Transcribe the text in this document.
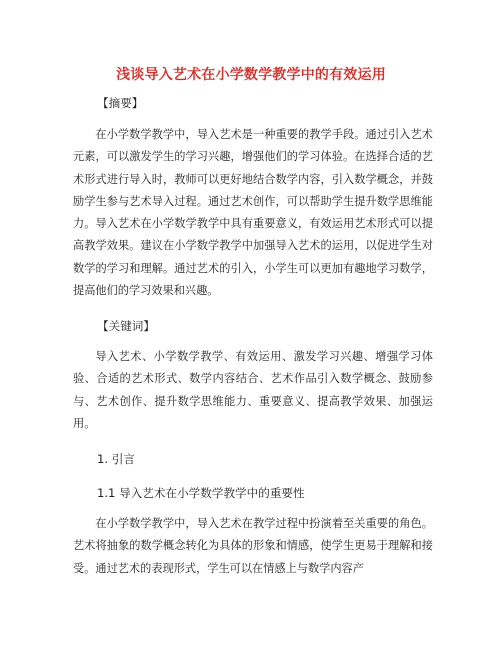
浅谈导入艺术在小学数学教学中的有效运用
【摘要】

在小学数学教学中，导入艺术是一种重要的教学手段。通过引入艺术元素，可以激发学生的学习兴趣，增强他们的学习体验。在选择合适的艺术形式进行导入时，教师可以更好地结合数学内容，引入数学概念，并鼓励学生参与艺术导入过程。通过艺术创作，可以帮助学生提升数学思维能力。导入艺术在小学数学教学中具有重要意义，有效运用艺术形式可以提高教学效果。建议在小学数学教学中加强导入艺术的运用，以促进学生对数学的学习和理解。通过艺术的引入，小学生可以更加有趣地学习数学，提高他们的学习效果和兴趣。

【关键词】

导入艺术、小学数学教学、有效运用、激发学习兴趣、增强学习体验、合适的艺术形式、数学内容结合、艺术作品引入数学概念、鼓励参与、艺术创作、提升数学思维能力、重要意义、提高教学效果、加强运用。

1. 引言
1.1 导入艺术在小学数学教学中的重要性

在小学数学教学中，导入艺术在教学过程中扮演着至关重要的角色。艺术将抽象的数学概念转化为具体的形象和情感，使学生更易于理解和接受。通过艺术的表现形式，学生可以在情感上与数学内容产
